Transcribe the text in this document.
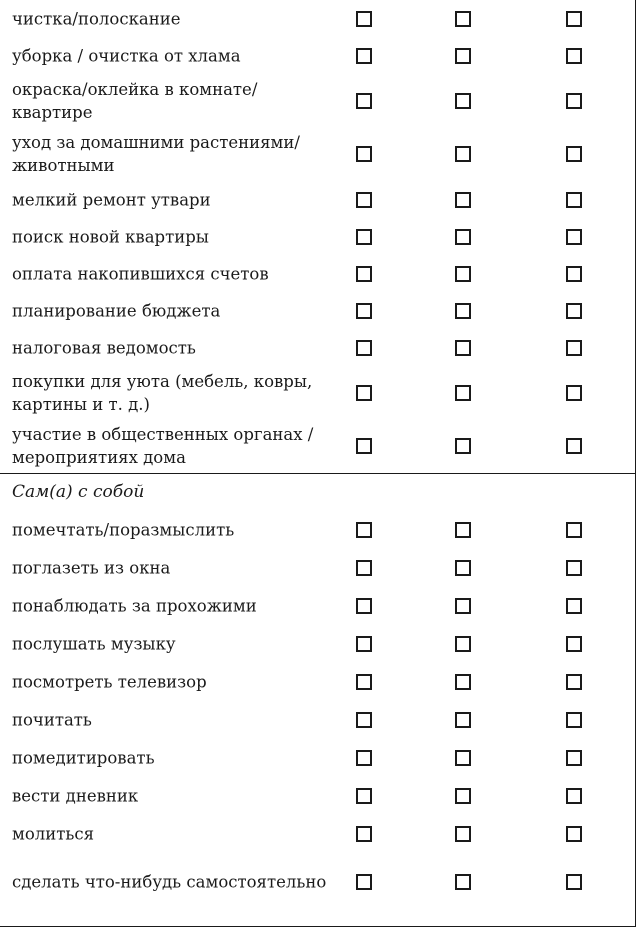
чистка/полоскание
уборка / очистка от хлама
окраска/оклейка в комнате/ квартире
уход за домашними растениями/животными
мелкий ремонт утвари
поиск новой квартиры
оплата накопившихся счетов
планирование бюджета
налоговая ведомость
покупки для уюта (мебель, ковры, картины и т. д.)
участие в общественных органах / мероприятиях дома
Сам(а) с собой
помечтать/поразмыслить
поглазеть из окна
понаблюдать за прохожими
послушать музыку
посмотреть телевизор
почитать
помедитировать
вести дневник
молиться
сделать что-нибудь самостоятельно
